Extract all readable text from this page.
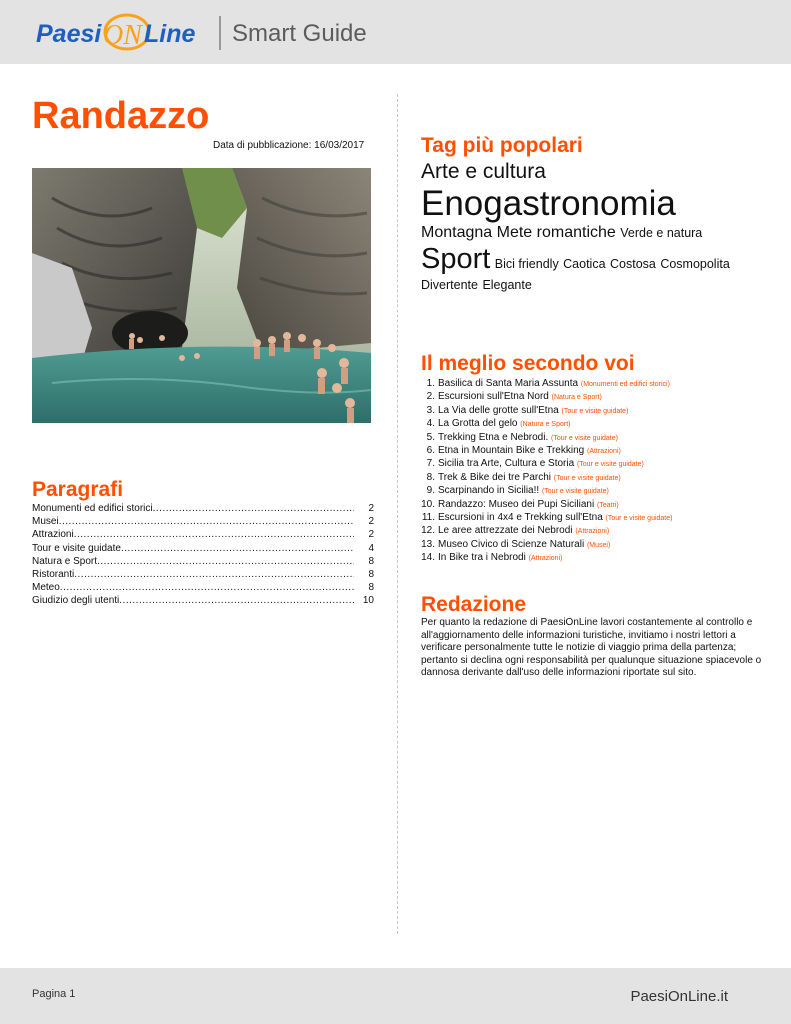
Paesi ON Line Smart Guide
Randazzo
Data di pubblicazione: 16/03/2017
Paragrafi
Monumenti ed edifici storici .....	2
Musei .....	2
Attrazioni .....	2
Tour e visite guidate .....	4
Natura e Sport .....	8
Ristoranti .....	8
Meteo .....	8
Giudizio degli utenti .....	10
Tag più popolari
Arte e cultura
Enogastronomia
Montagna Mete romantiche Verde e natura
Sport Bici friendly Caotica Costosa Cosmopolita
Divertente Elegante
Il meglio secondo voi
1. Basilica di Santa Maria Assunta (Monumenti ed edifici storici)
2. Escursioni sull'Etna Nord (Natura e Sport)
3. La Via delle grotte sull'Etna (Tour e visite guidate)
4. La Grotta del gelo (Natura e Sport)
5. Trekking Etna e Nebrodi. (Tour e visite guidate)
6. Etna in Mountain Bike e Trekking (Attrazioni)
7. Sicilia tra Arte, Cultura e Storia (Tour e visite guidate)
8. Trek & Bike dei tre Parchi (Tour e visite guidate)
9. Scarpinando in Sicilia!! (Tour e visite guidate)
10. Randazzo: Museo dei Pupi Siciliani (Teatri)
11. Escursioni in 4x4 e Trekking sull'Etna (Tour e visite guidate)
12. Le aree attrezzate dei Nebrodi (Attrazioni)
13. Museo Civico di Scienze Naturali (Musei)
14. In Bike tra i Nebrodi (Attrazioni)
Redazione

Per quanto la redazione di PaesiOnLine lavori costantemente al controllo e all'aggiornamento delle informazioni turistiche, invitiamo i nostri lettori a verificare personalmente tutte le notizie di viaggio prima della partenza; pertanto si declina ogni responsabilità per qualunque situazione spiacevole o dannosa derivante dall'uso delle informazioni riportate sul sito.

Pagina 1	PaesiOnLine.it
